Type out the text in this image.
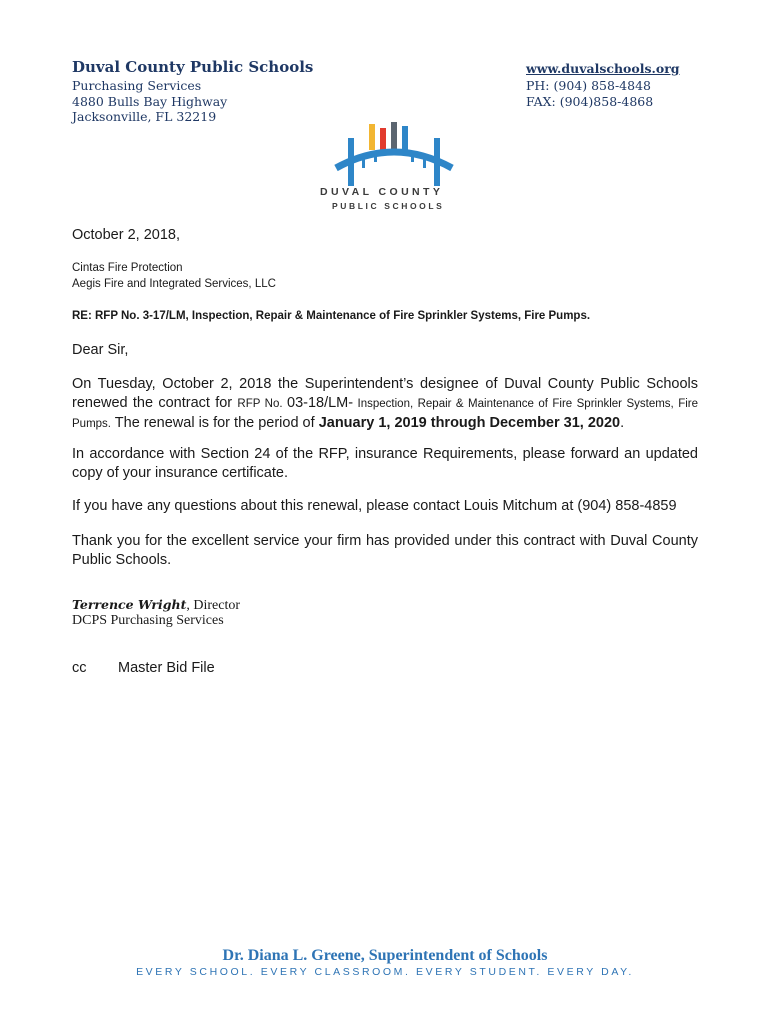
Duval County Public Schools
Purchasing Services
4880 Bulls Bay Highway
Jacksonville, FL 32219
www.duvalschools.org
PH: (904) 858-4848
FAX: (904)858-4868
DUVAL COUNTY
PUBLIC SCHOOLS
October 2, 2018,
Cintas Fire Protection
Aegis Fire and Integrated Services, LLC
RE: RFP No. 3-17/LM, Inspection, Repair & Maintenance of Fire Sprinkler Systems, Fire Pumps.
Dear Sir,
On Tuesday, October 2, 2018 the Superintendent’s designee of Duval County Public Schools renewed the contract for RFP No. 03-18/LM- Inspection, Repair & Maintenance of Fire Sprinkler Systems, Fire Pumps. The renewal is for the period of January 1, 2019 through December 31, 2020.
In accordance with Section 24 of the RFP, insurance Requirements, please forward an updated copy of your insurance certificate.
If you have any questions about this renewal, please contact Louis Mitchum at (904) 858-4859
Thank you for the excellent service your firm has provided under this contract with Duval County Public Schools.
Terrence Wright, Director
DCPS Purchasing Services
cc Master Bid File
Dr. Diana L. Greene, Superintendent of Schools
EVERY SCHOOL. EVERY CLASSROOM. EVERY STUDENT. EVERY DAY.
